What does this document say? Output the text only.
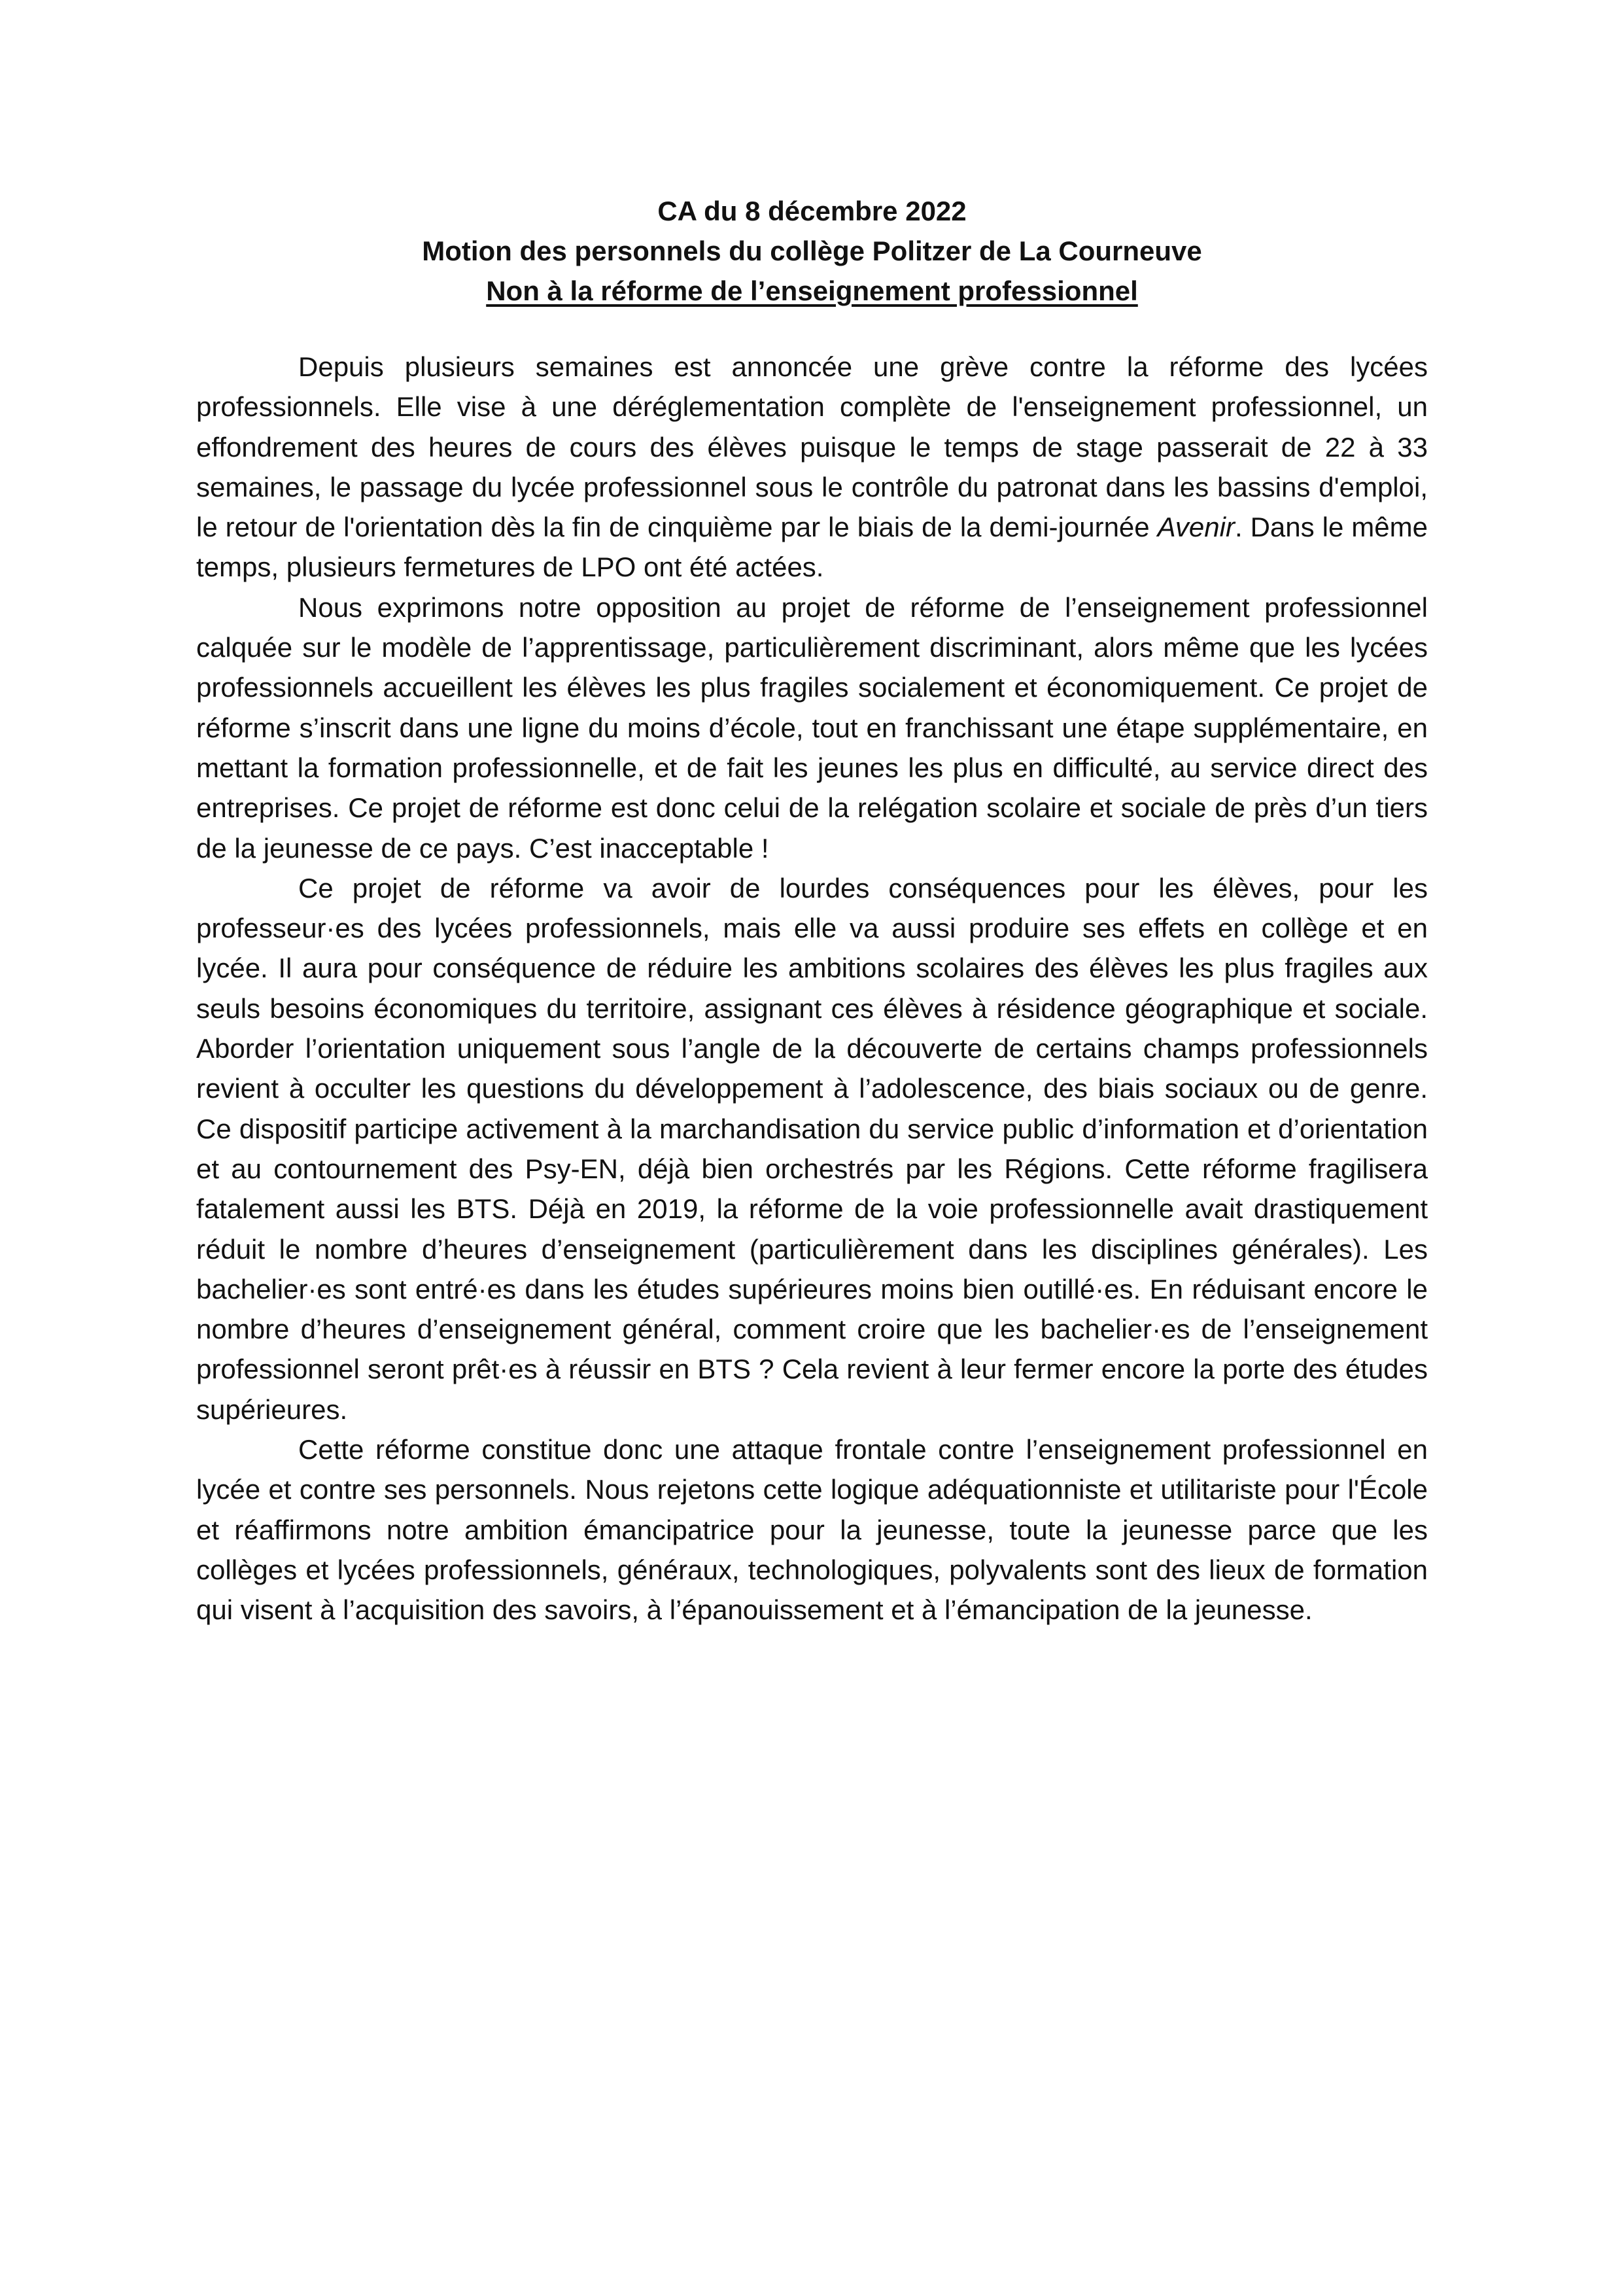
CA du 8 décembre 2022
Motion des personnels du collège Politzer de La Courneuve
Non à la réforme de l’enseignement professionnel

Depuis plusieurs semaines est annoncée une grève contre la réforme des lycées professionnels. Elle vise à une déréglementation complète de l'enseignement professionnel, un effondrement des heures de cours des élèves puisque le temps de stage passerait de 22 à 33 semaines, le passage du lycée professionnel sous le contrôle du patronat dans les bassins d'emploi, le retour de l'orientation dès la fin de cinquième par le biais de la demi-journée Avenir. Dans le même temps, plusieurs fermetures de LPO ont été actées.

Nous exprimons notre opposition au projet de réforme de l’enseignement professionnel calquée sur le modèle de l’apprentissage, particulièrement discriminant, alors même que les lycées professionnels accueillent les élèves les plus fragiles socialement et économiquement. Ce projet de réforme s’inscrit dans une ligne du moins d’école, tout en franchissant une étape supplémentaire, en mettant la formation professionnelle, et de fait les jeunes les plus en difficulté, au service direct des entreprises. Ce projet de réforme est donc celui de la relégation scolaire et sociale de près d’un tiers de la jeunesse de ce pays. C’est inacceptable !

Ce projet de réforme va avoir de lourdes conséquences pour les élèves, pour les professeur·es des lycées professionnels, mais elle va aussi produire ses effets en collège et en lycée. Il aura pour conséquence de réduire les ambitions scolaires des élèves les plus fragiles aux seuls besoins économiques du territoire, assignant ces élèves à résidence géographique et sociale. Aborder l’orientation uniquement sous l’angle de la découverte de certains champs professionnels revient à occulter les questions du développement à l’adolescence, des biais sociaux ou de genre. Ce dispositif participe activement à la marchandisation du service public d’information et d’orientation et au contournement des Psy-EN, déjà bien orchestrés par les Régions. Cette réforme fragilisera fatalement aussi les BTS. Déjà en 2019, la réforme de la voie professionnelle avait drastiquement réduit le nombre d’heures d’enseignement (particulièrement dans les disciplines générales). Les bachelier·es sont entré·es dans les études supérieures moins bien outillé·es. En réduisant encore le nombre d’heures d’enseignement général, comment croire que les bachelier·es de l’enseignement professionnel seront prêt·es à réussir en BTS ? Cela revient à leur fermer encore la porte des études supérieures.

Cette réforme constitue donc une attaque frontale contre l’enseignement professionnel en lycée et contre ses personnels. Nous rejetons cette logique adéquationniste et utilitariste pour l'École et réaffirmons notre ambition émancipatrice pour la jeunesse, toute la jeunesse parce que les collèges et lycées professionnels, généraux, technologiques, polyvalents sont des lieux de formation qui visent à l’acquisition des savoirs, à l’épanouissement et à l’émancipation de la jeunesse.
